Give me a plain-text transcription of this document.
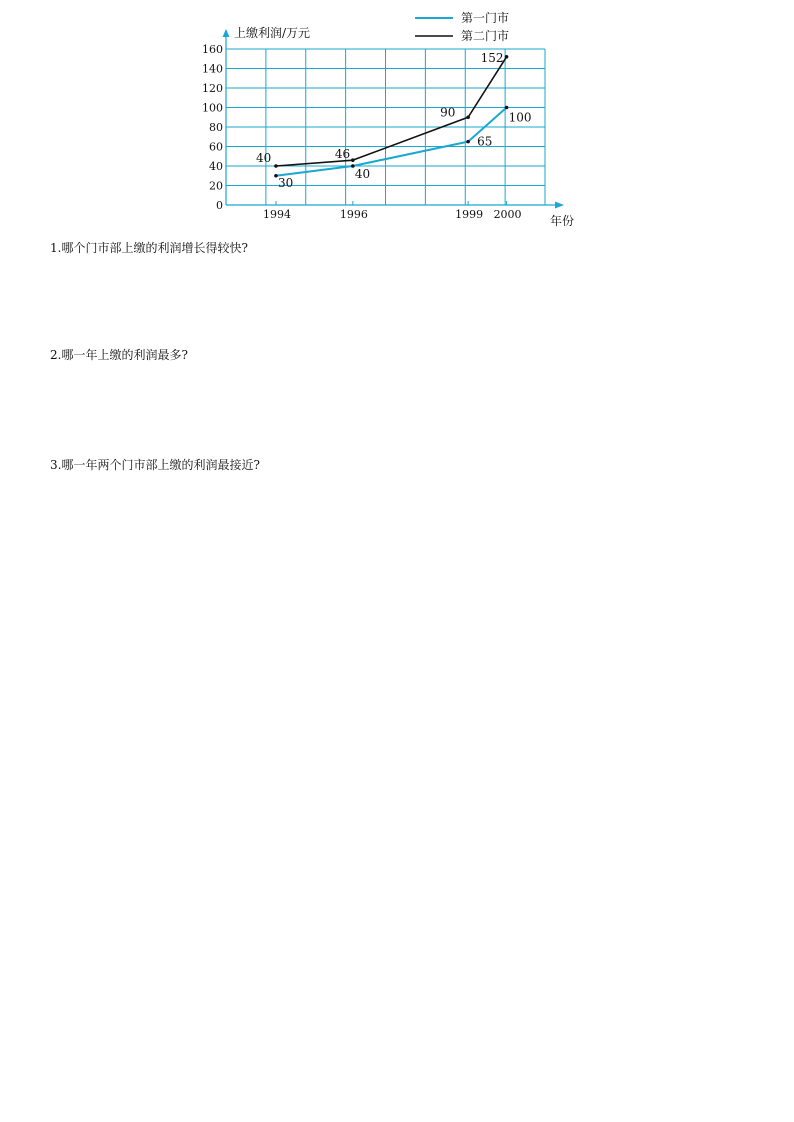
0
20
40
60
80
100
120
140
160
1994	1996	1999 2000
上缴利润/万元
年份
30
40
65
100
40	46
90
152
第一门市
第二门市
1.哪个门市部上缴的利润增长得较快?
2.哪一年上缴的利润最多?
3.哪一年两个门市部上缴的利润最接近?
